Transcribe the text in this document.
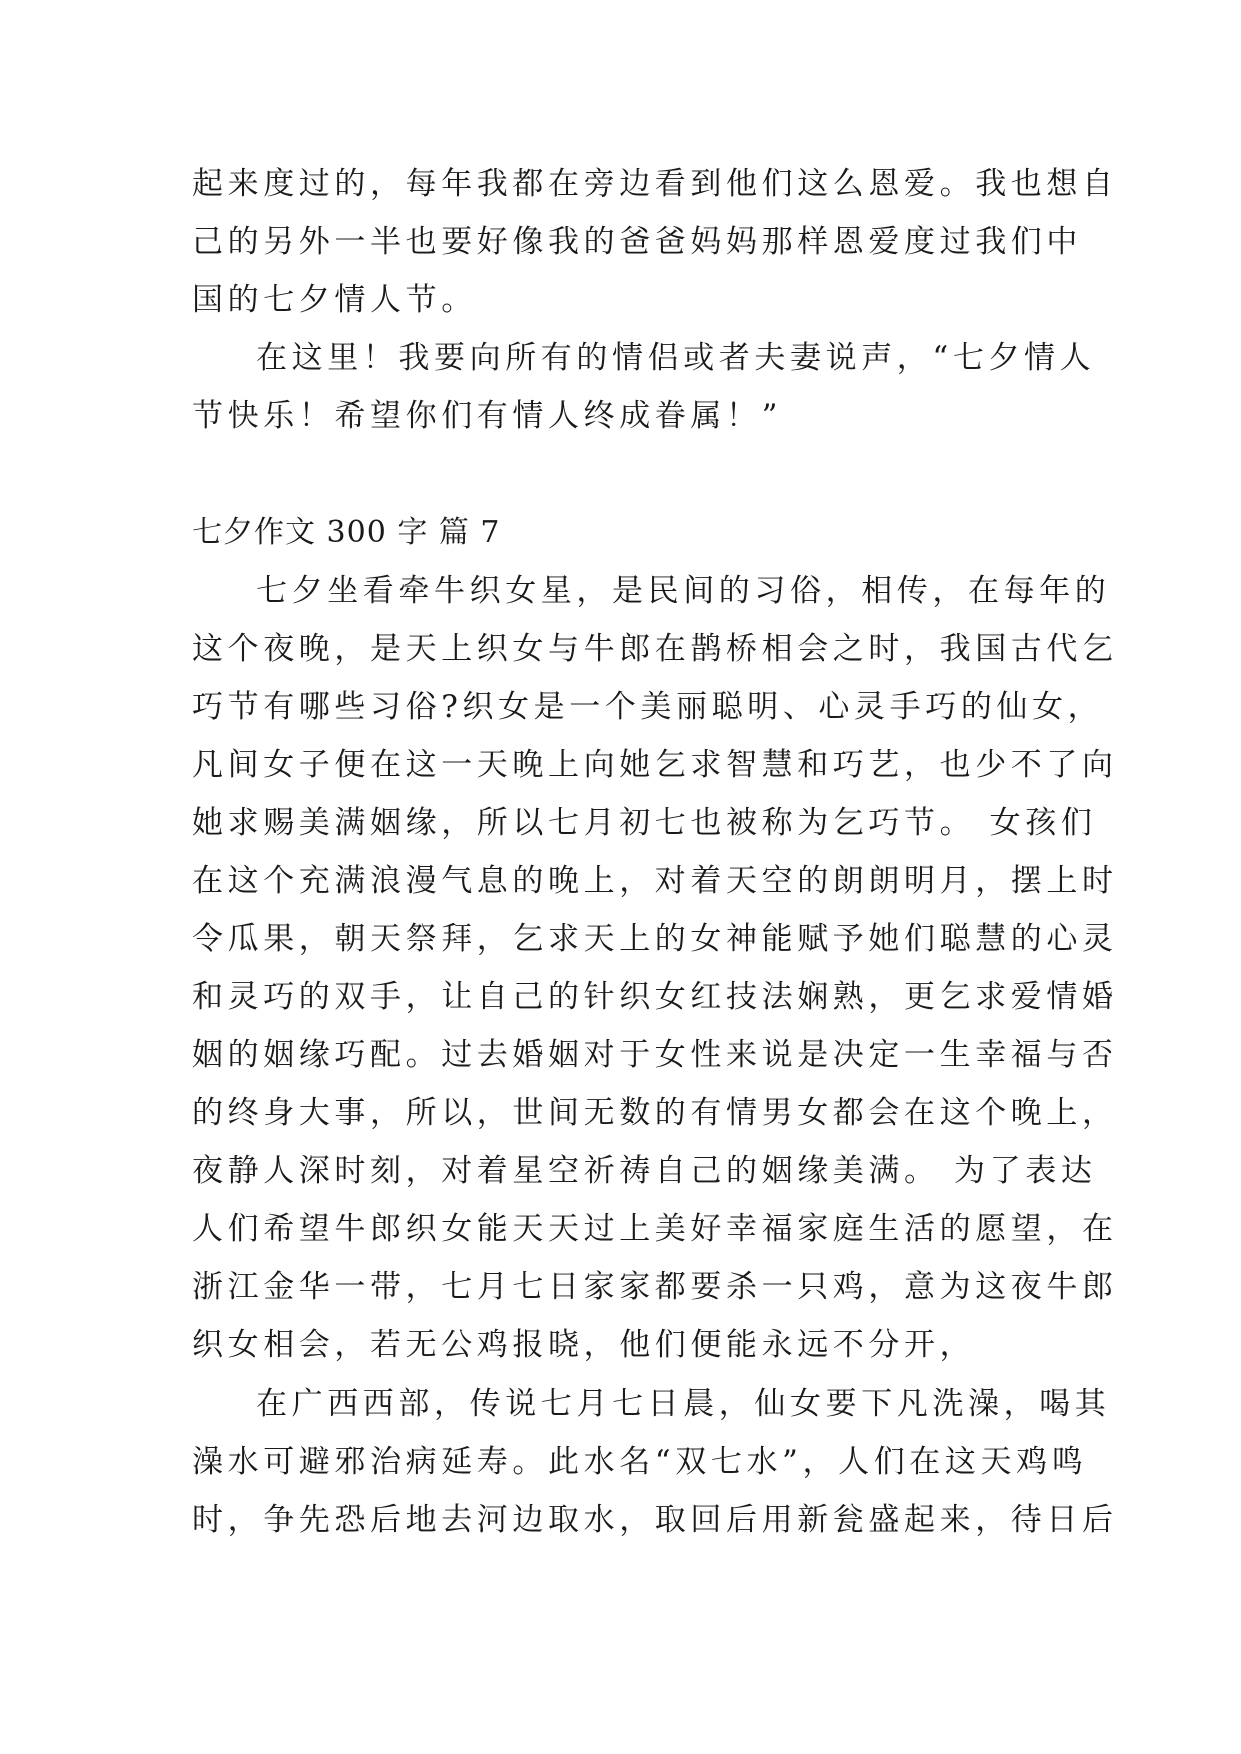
起来度过的，每年我都在旁边看到他们这么恩爱。我也想自
己的另外一半也要好像我的爸爸妈妈那样恩爱度过我们中
国的七夕情人节。
在这里！我要向所有的情侣或者夫妻说声，“七夕情人
节快乐！希望你们有情人终成眷属！”
七夕作文 300 字 篇 7
七夕坐看牵牛织女星，是民间的习俗，相传，在每年的
这个夜晚，是天上织女与牛郎在鹊桥相会之时，我国古代乞
巧节有哪些习俗?织女是一个美丽聪明、心灵手巧的仙女，
凡间女子便在这一天晚上向她乞求智慧和巧艺，也少不了向
她求赐美满姻缘，所以七月初七也被称为乞巧节。 女孩们
在这个充满浪漫气息的晚上，对着天空的朗朗明月，摆上时
令瓜果，朝天祭拜，乞求天上的女神能赋予她们聪慧的心灵
和灵巧的双手，让自己的针织女红技法娴熟，更乞求爱情婚
姻的姻缘巧配。过去婚姻对于女性来说是决定一生幸福与否
的终身大事，所以，世间无数的有情男女都会在这个晚上，
夜静人深时刻，对着星空祈祷自己的姻缘美满。 为了表达
人们希望牛郎织女能天天过上美好幸福家庭生活的愿望，在
浙江金华一带，七月七日家家都要杀一只鸡，意为这夜牛郎
织女相会，若无公鸡报晓，他们便能永远不分开，
在广西西部，传说七月七日晨，仙女要下凡洗澡，喝其
澡水可避邪治病延寿。此水名“双七水”，人们在这天鸡鸣
时，争先恐后地去河边取水，取回后用新瓮盛起来，待日后
